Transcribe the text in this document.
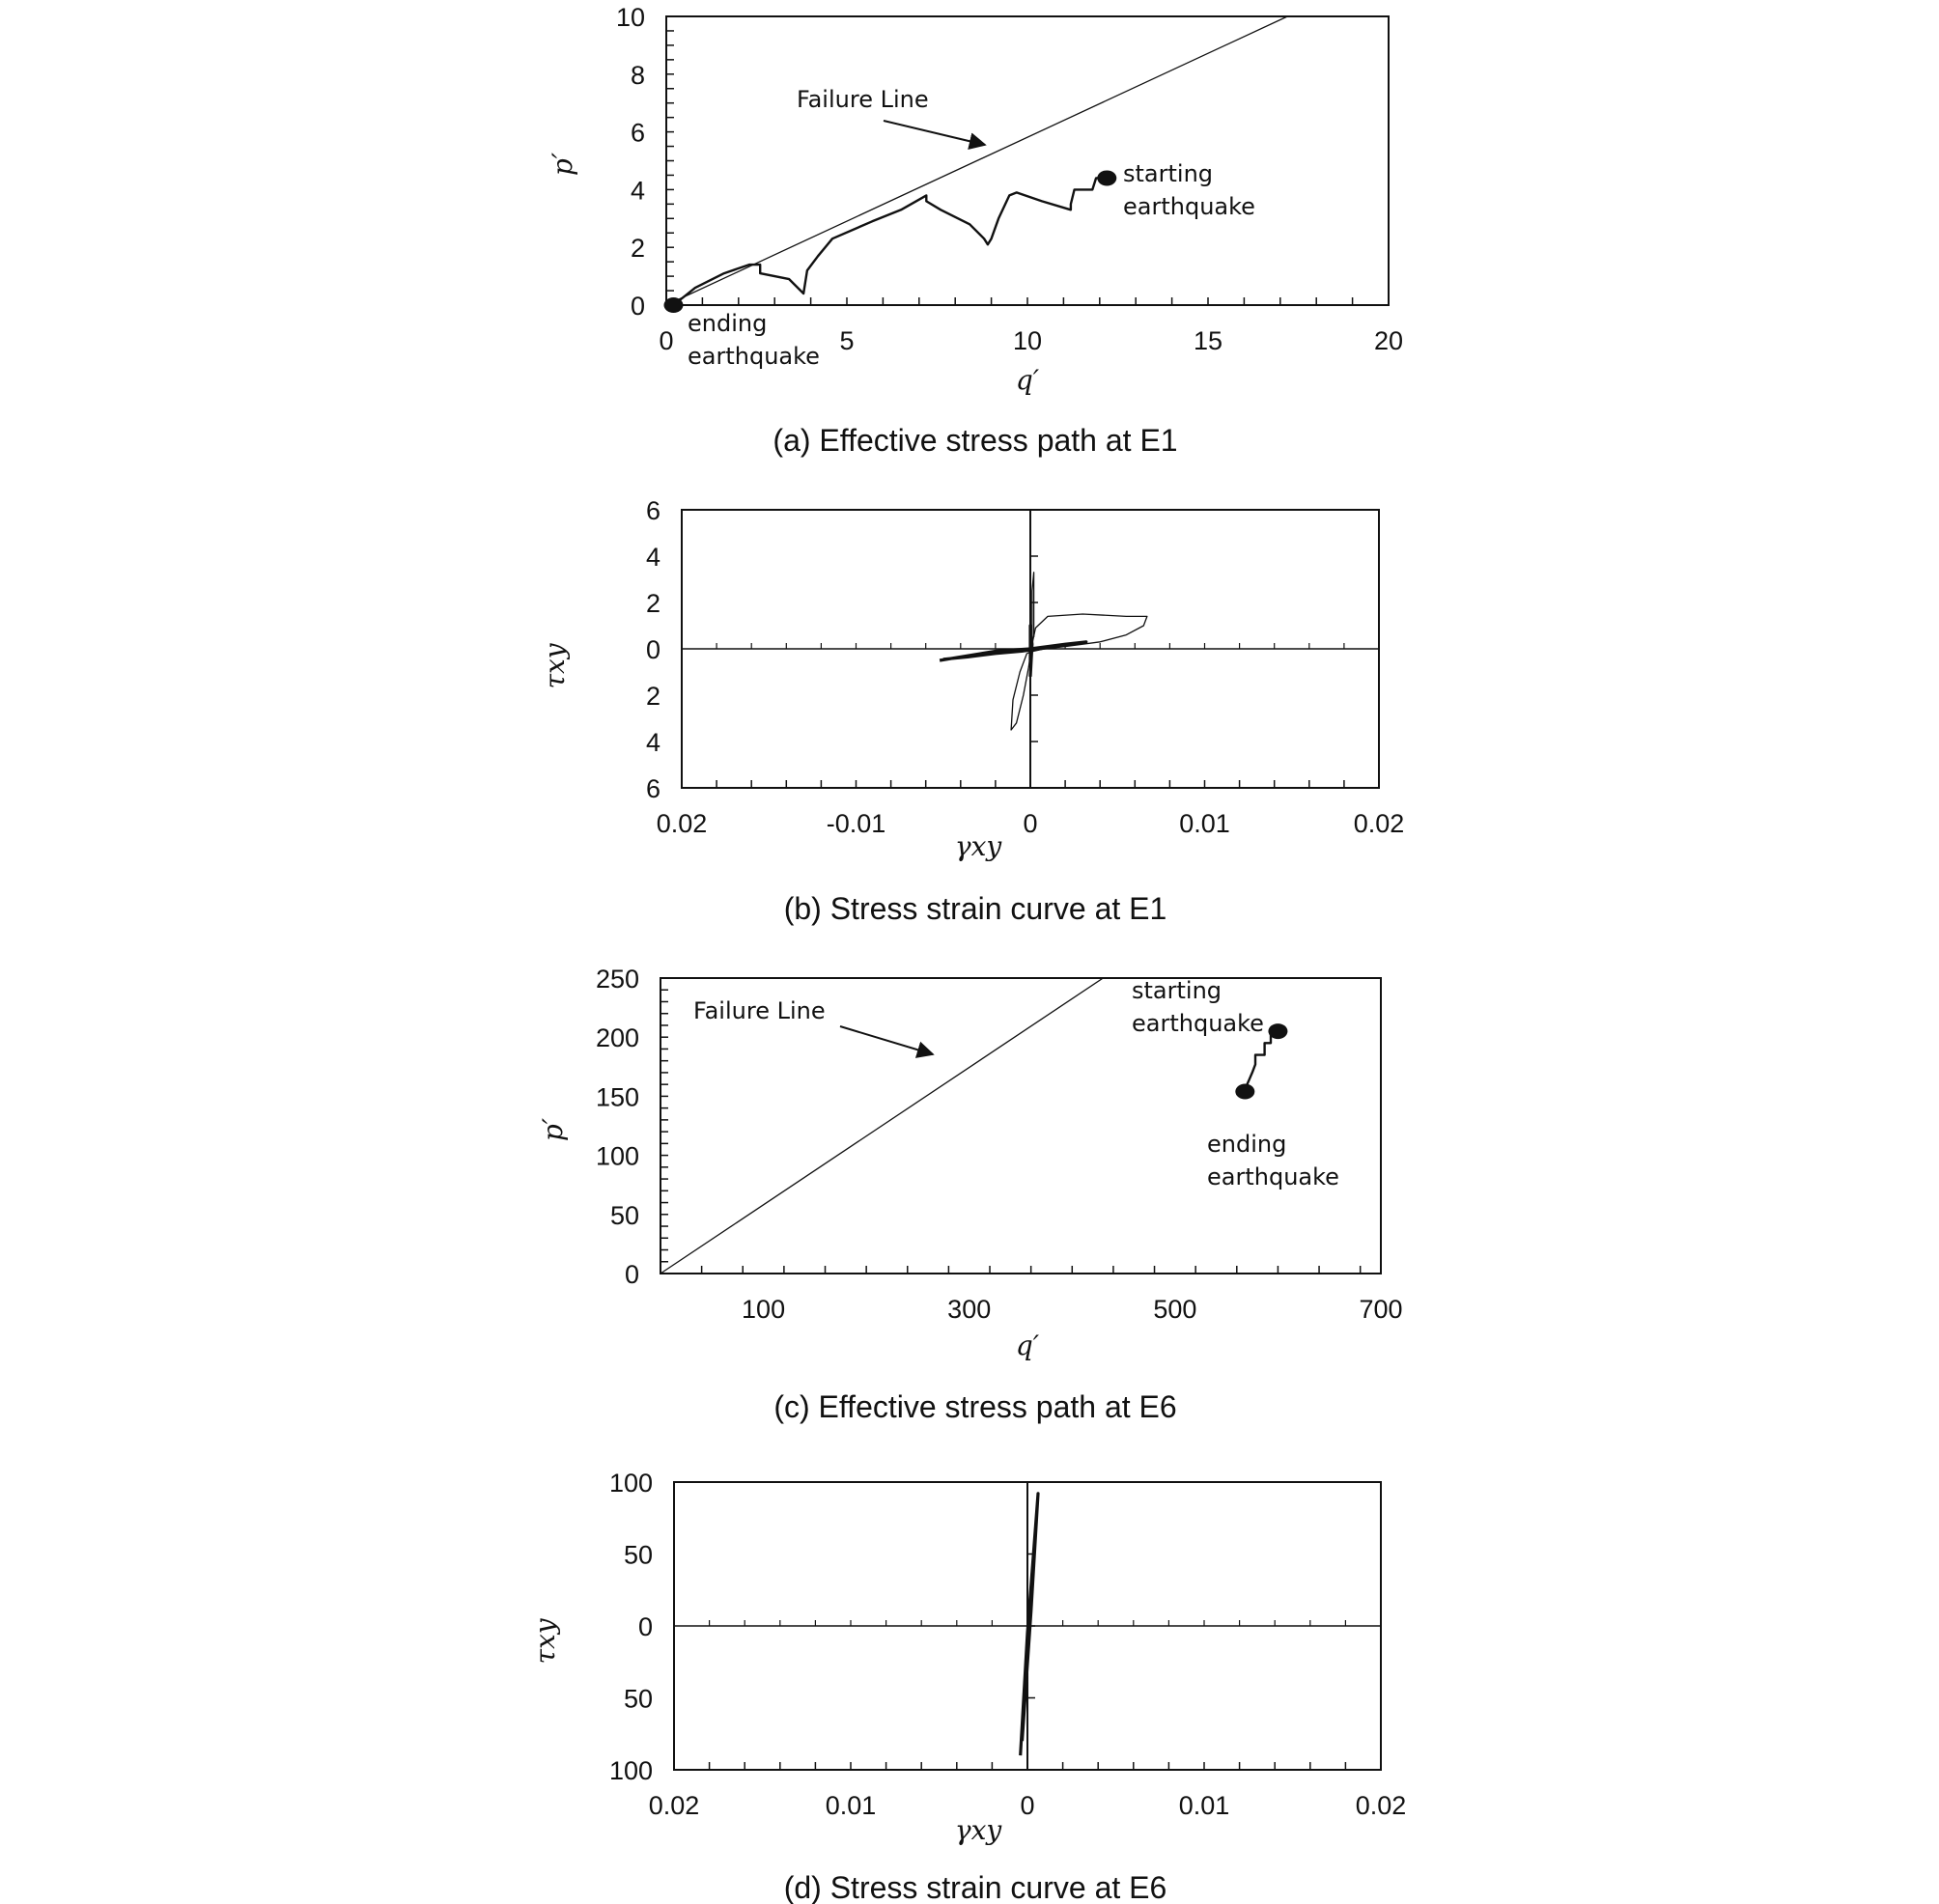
0	5	10	15	20
0
2
4
6
8
10
p′
q′
Failure Line
starting
earthquake
ending
earthquake
(a) Effective stress path at E1
0.02	-0.01	0	0.01	0.02
6
4
2
0
2
4
6
τxy
γxy
(b) Stress strain curve at E1
100	300	500	700
0
50
100
150
200
250
p′
q′
Failure Line
starting
earthquake
ending
earthquake
(c) Effective stress path at E6
0.02	0.01	0	0.01	0.02
100
50
0
50
100
τxy
γxy
(d) Stress strain curve at E6
